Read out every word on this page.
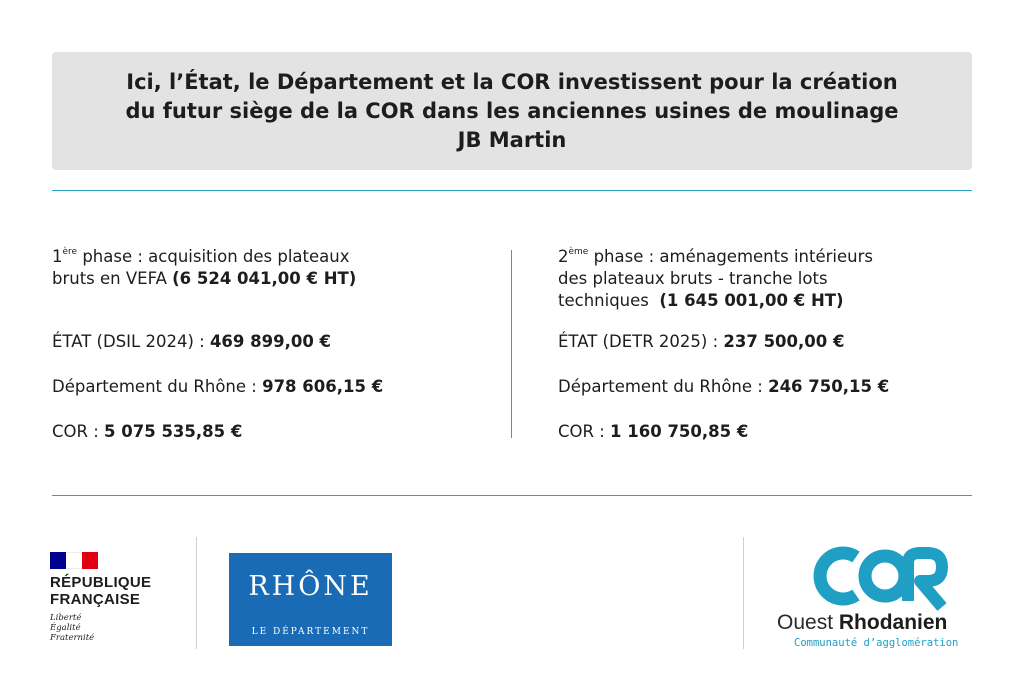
Ici, l’État, le Département et la COR investissent pour la création
du futur siège de la COR dans les anciennes usines de moulinage
JB Martin
1ère phase : acquisition des plateaux
bruts en VEFA (6 524 041,00 € HT)
ÉTAT (DSIL 2024) : 469 899,00 €
Département du Rhône : 978 606,15 €
COR : 5 075 535,85 €
2ème phase : aménagements intérieurs
des plateaux bruts - tranche lots
techniques  (1 645 001,00 € HT)
ÉTAT (DETR 2025) : 237 500,00 €
Département du Rhône : 246 750,15 €
COR : 1 160 750,85 €
RÉPUBLIQUE
FRANÇAISE
Liberté
Égalité
Fraternité
RHÔNE
LE DÉPARTEMENT	Ouest Rhodanien
Communauté d’agglomération
